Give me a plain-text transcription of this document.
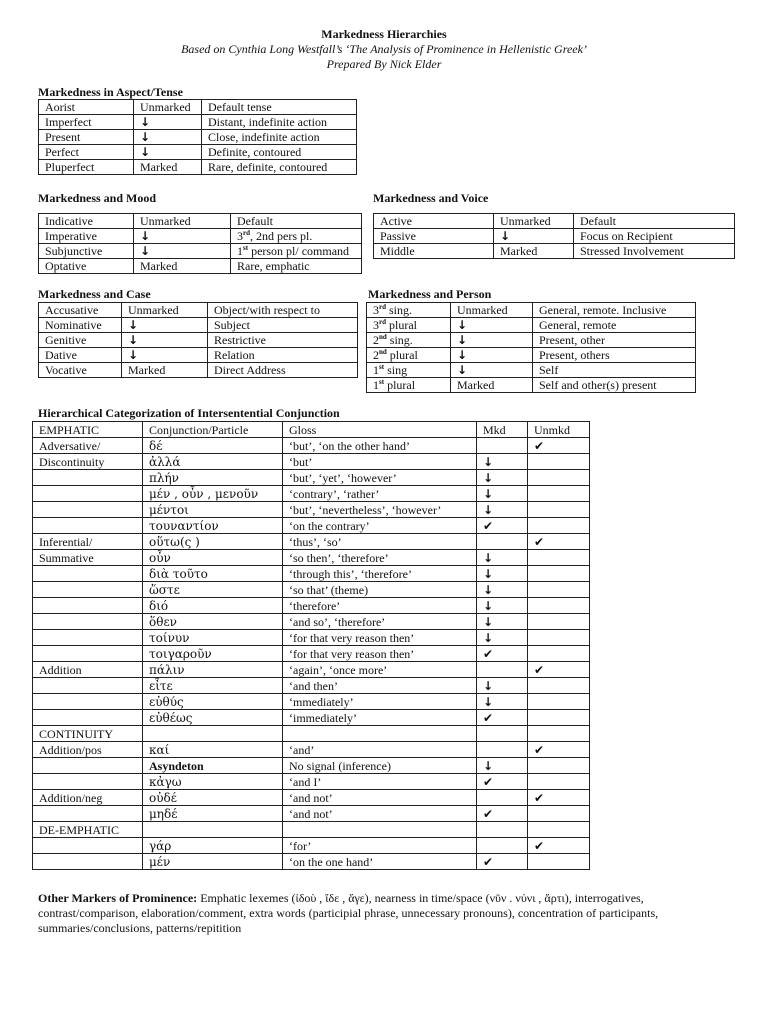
Markedness Hierarchies
Based on Cynthia Long Westfall’s ‘The Analysis of Prominence in Hellenistic Greek’
Prepared By Nick Elder
Markedness in Aspect/Tense
Aorist	Unmarked	Default tense
Imperfect	↓	Distant, indefinite action
Present	↓	Close, indefinite action
Perfect	↓	Definite, contoured
Pluperfect	Marked	Rare, definite, contoured
Markedness and Mood
Indicative	Unmarked	Default
Imperative	↓	3rd, 2nd pers pl.
Subjunctive	↓	1st person pl/ command
Optative	Marked	Rare, emphatic
Markedness and Voice
Active	Unmarked	Default
Passive	↓	Focus on Recipient
Middle	Marked	Stressed Involvement
Markedness and Case
Accusative	Unmarked	Object/with respect to
Nominative	↓	Subject
Genitive	↓	Restrictive
Dative	↓	Relation
Vocative	Marked	Direct Address
Markedness and Person
3rd sing.	Unmarked	General, remote. Inclusive
3rd plural	↓	General, remote
2nd sing.	↓	Present, other
2nd plural	↓	Present, others
1st sing	↓	Self
1st plural	Marked	Self and other(s) present
Hierarchical Categorization of Intersentential Conjunction
EMPHATIC	Conjunction/Particle	Gloss	Mkd	Unmkd
Adversative/	δέ	‘but’, ‘on the other hand’		✔
Discontinuity	ἀλλά	‘but’	↓	
	πλήν	‘but’, ‘yet’, ‘however’	↓	
	μέν , οὖν , μενοῦν	‘contrary’, ‘rather’	↓	
	μέντοι	‘but’, ‘nevertheless’, ‘however’	↓	
	τουναντίον	‘on the contrary’	✔	
Inferential/	οὕτω(ς )	‘thus’, ‘so’		✔
Summative	οὖν	‘so then’, ‘therefore’	↓	
	διὰ τοῦτο	‘through this’, ‘therefore’	↓	
	ὥστε	‘so that’ (theme)	↓	
	διό	‘therefore’	↓	
	ὅθεν	‘and so’, ‘therefore’	↓	
	τοίνυν	‘for that very reason then’	↓	
	τοιγαροῦν	‘for that very reason then’	✔	
Addition	πάλιν	‘again’, ‘once more’		✔
	εἶτε	‘and then’	↓	
	εὐθύς	‘mmediately’	↓	
	εὐθέως	‘immediately’	✔	
CONTINUITY				
Addition/pos	καί	‘and’		✔
	Asyndeton	No signal (inference)	↓	
	κἀγω	‘and I’	✔	
Addition/neg	οὐδέ	‘and not’		✔
	μηδέ	‘and not’	✔	
DE-EMPHATIC				
	γάρ	‘for’		✔
	μέν	‘on the one hand’	✔	
Other Markers of Prominence: Emphatic lexemes (ἰδοὺ , ἴδε , ἄγε), nearness in time/space (νῦν . νύνι , ἄρτι), interrogatives, contrast/comparison, elaboration/comment, extra words (participial phrase, unnecessary pronouns), concentration of participants, summaries/conclusions, patterns/repitition
